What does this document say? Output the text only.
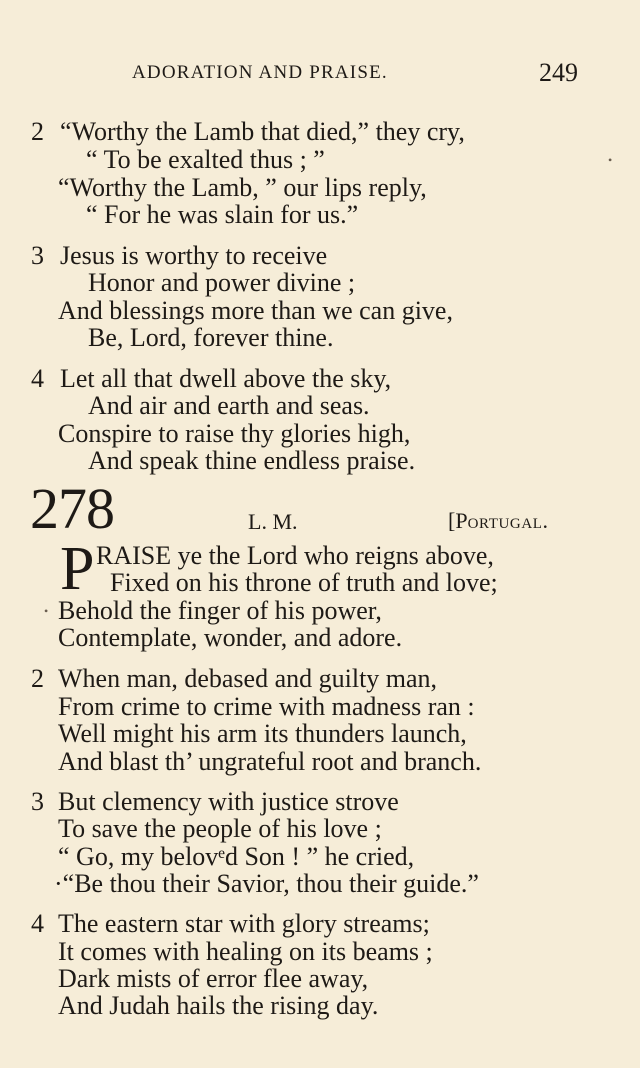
ADORATION AND PRAISE.	249
2 “Worthy the Lamb that died,” they cry,
“ To be exalted thus ; ”
“Worthy the Lamb, ” our lips reply,
“ For he was slain for us.”
•
3 Jesus is worthy to receive
Honor and power divine ;
And blessings more than we can give,
Be, Lord, forever thine.
4 Let all that dwell above the sky,
And air and earth and seas.
Conspire to raise thy glories high,
And speak thine endless praise.
278	L. M.	[Portugal.
P RAISE ye the Lord who reigns above,
Fixed on his throne of truth and love;
• Behold the finger of his power,
Contemplate, wonder, and adore.
2 When man, debased and guilty man,
From crime to crime with madness ran :
Well might his arm its thunders launch,
And blast th’ ungrateful root and branch.
3 But clemency with justice strove
To save the people of his love ;
“ Go, my belovᵉd Son ! ” he cried,
·“Be thou their Savior, thou their guide.”
4 The eastern star with glory streams;
It comes with healing on its beams ;
Dark mists of error flee away,
And Judah hails the rising day.
